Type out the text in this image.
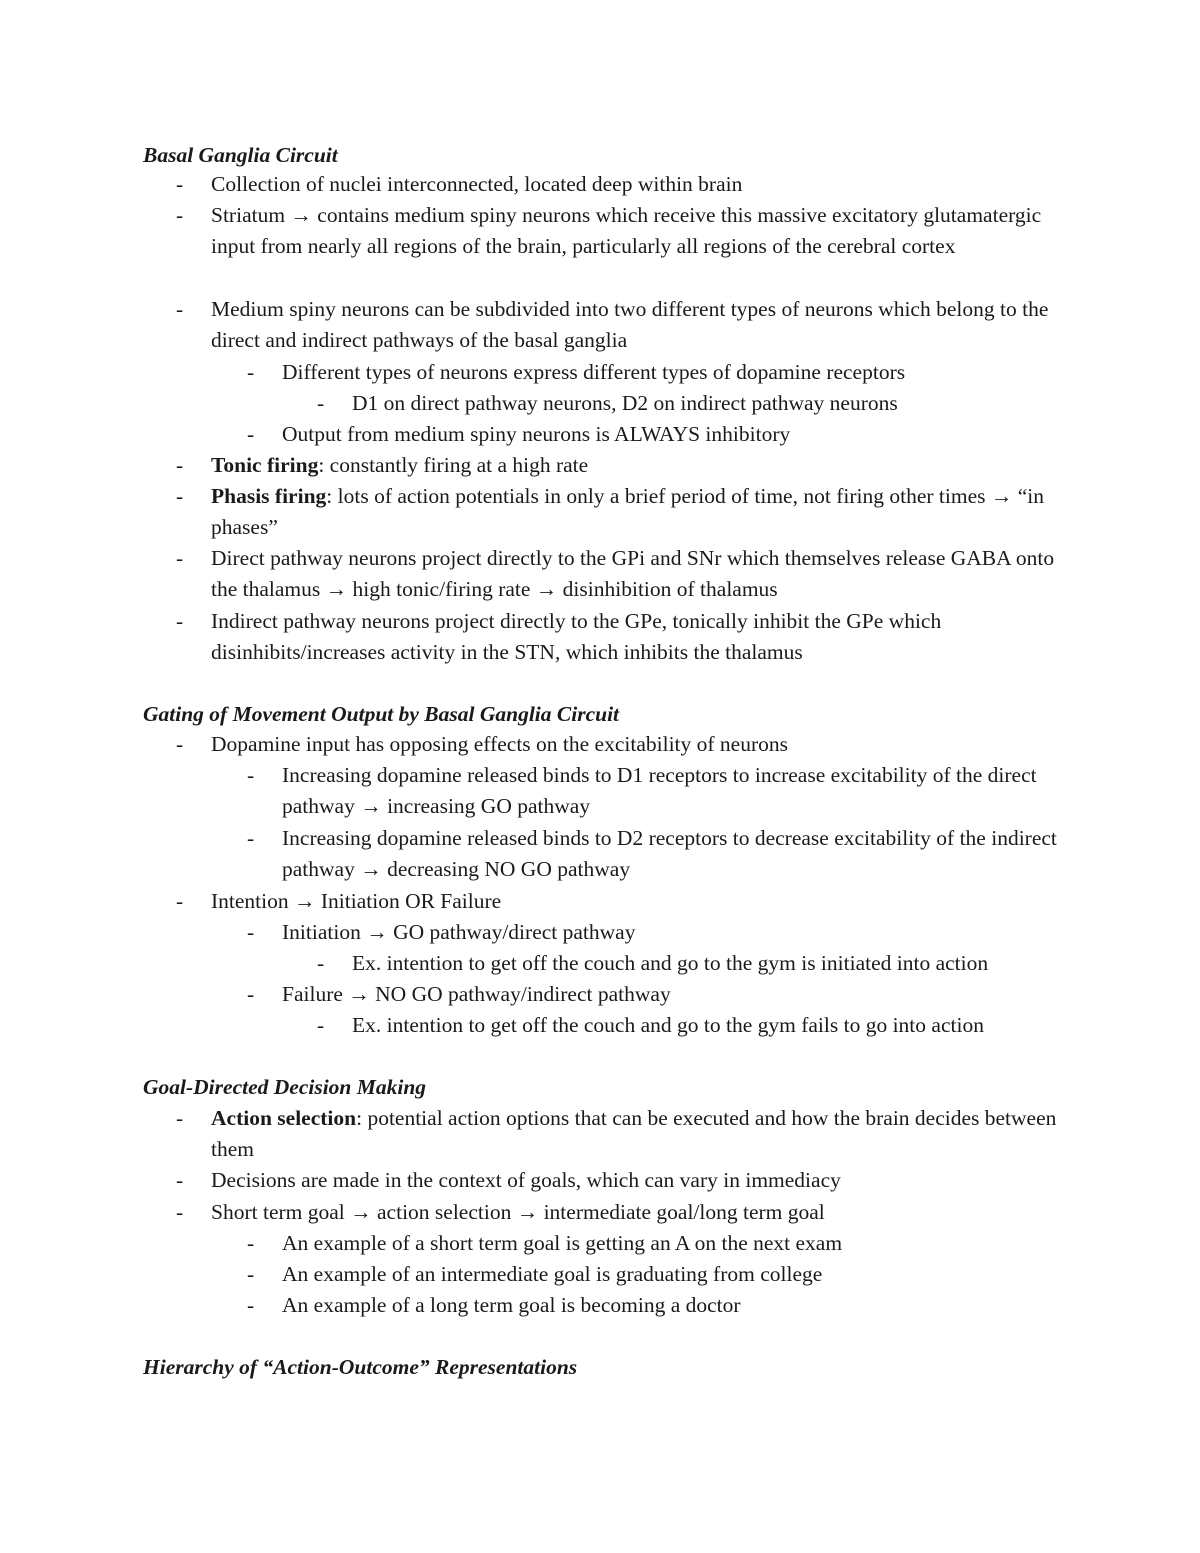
Basal Ganglia Circuit
- Collection of nuclei interconnected, located deep within brain
- Striatum → contains medium spiny neurons which receive this massive excitatory glutamatergic input from nearly all regions of the brain, particularly all regions of the cerebral cortex
- Medium spiny neurons can be subdivided into two different types of neurons which belong to the direct and indirect pathways of the basal ganglia
- Different types of neurons express different types of dopamine receptors
- D1 on direct pathway neurons, D2 on indirect pathway neurons
- Output from medium spiny neurons is ALWAYS inhibitory
- Tonic firing: constantly firing at a high rate
- Phasis firing: lots of action potentials in only a brief period of time, not firing other times → “in phases”
- Direct pathway neurons project directly to the GPi and SNr which themselves release GABA onto the thalamus → high tonic/firing rate → disinhibition of thalamus
- Indirect pathway neurons project directly to the GPe, tonically inhibit the GPe which disinhibits/increases activity in the STN, which inhibits the thalamus
Gating of Movement Output by Basal Ganglia Circuit
- Dopamine input has opposing effects on the excitability of neurons
- Increasing dopamine released binds to D1 receptors to increase excitability of the direct pathway → increasing GO pathway
- Increasing dopamine released binds to D2 receptors to decrease excitability of the indirect pathway → decreasing NO GO pathway
- Intention → Initiation OR Failure
- Initiation → GO pathway/direct pathway
- Ex. intention to get off the couch and go to the gym is initiated into action
- Failure → NO GO pathway/indirect pathway
- Ex. intention to get off the couch and go to the gym fails to go into action
Goal-Directed Decision Making
- Action selection: potential action options that can be executed and how the brain decides between them
- Decisions are made in the context of goals, which can vary in immediacy
- Short term goal → action selection → intermediate goal/long term goal
- An example of a short term goal is getting an A on the next exam
- An example of an intermediate goal is graduating from college
- An example of a long term goal is becoming a doctor
Hierarchy of “Action-Outcome” Representations
